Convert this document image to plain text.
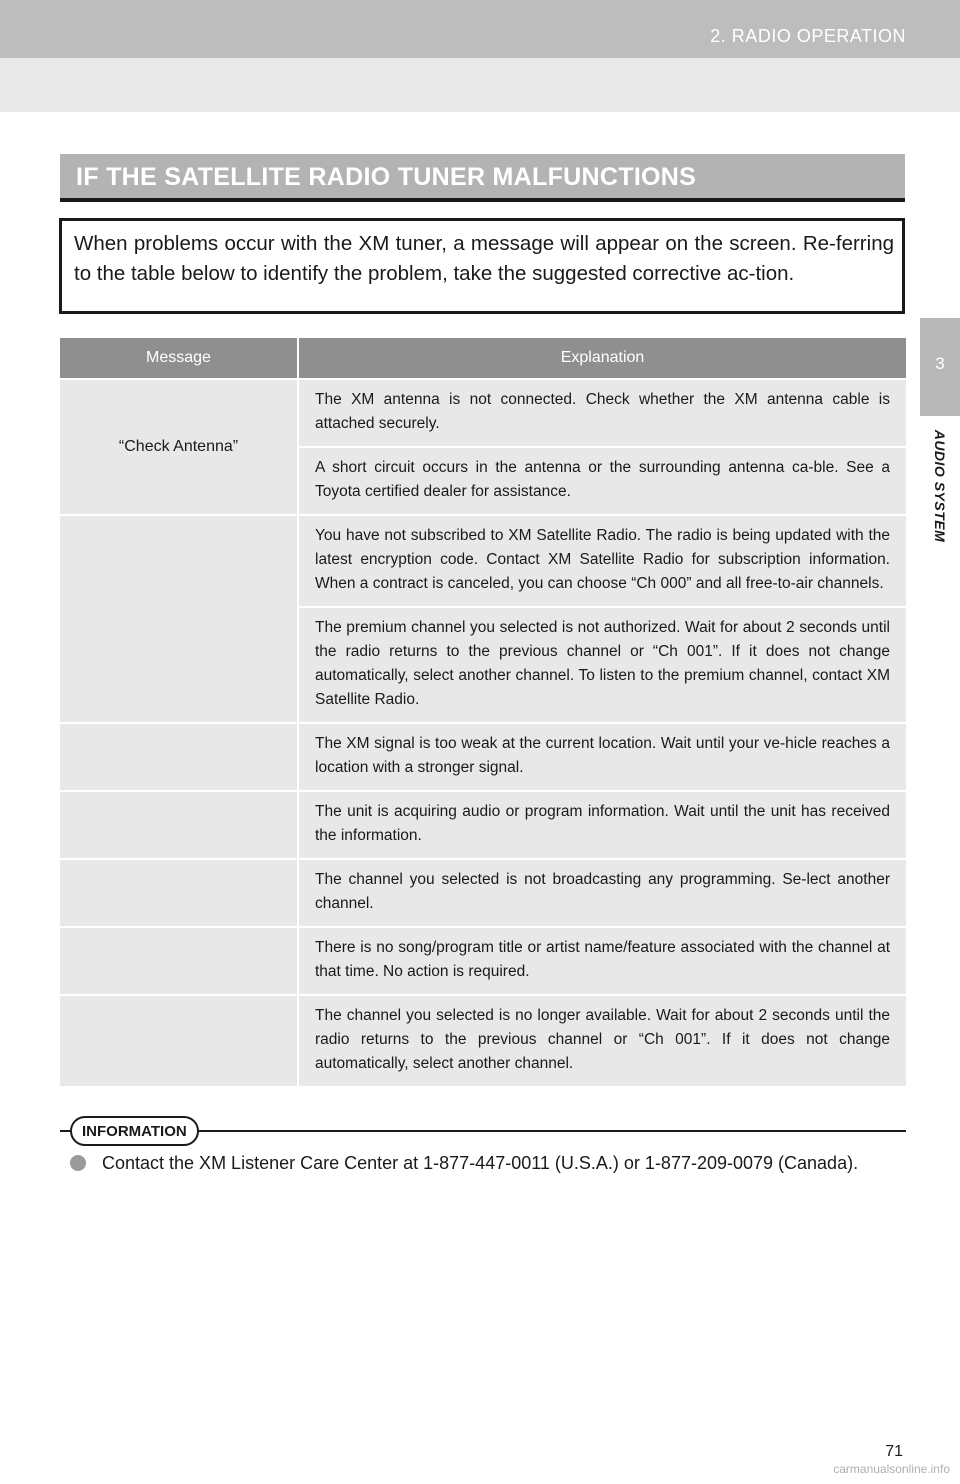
2. RADIO OPERATION
3
AUDIO SYSTEM
IF THE SATELLITE RADIO TUNER MALFUNCTIONS

When problems occur with the XM tuner, a message will appear on the screen. Re-ferring to the table below to identify the problem, take the suggested corrective ac-tion.

Message	Explanation
“Check Antenna”
The XM antenna is not connected. Check whether the XM antenna cable is attached securely.
A short circuit occurs in the antenna or the surrounding antenna ca-ble. See a Toyota certified dealer for assistance.
You have not subscribed to XM Satellite Radio. The radio is being updated with the latest encryption code. Contact XM Satellite Radio for subscription information. When a contract is canceled, you can choose “Ch 000” and all free-to-air channels.
The premium channel you selected is not authorized. Wait for about 2 seconds until the radio returns to the previous channel or “Ch 001”. If it does not change automatically, select another channel. To listen to the premium channel, contact XM Satellite Radio.
The XM signal is too weak at the current location. Wait until your ve-hicle reaches a location with a stronger signal.
The unit is acquiring audio or program information. Wait until the unit has received the information.
The channel you selected is not broadcasting any programming. Se-lect another channel.
There is no song/program title or artist name/feature associated with the channel at that time. No action is required.
The channel you selected is no longer available. Wait for about 2 seconds until the radio returns to the previous channel or “Ch 001”. If it does not change automatically, select another channel.
INFORMATION

Contact the XM Listener Care Center at 1-877-447-0011 (U.S.A.) or 1-877-209-0079 (Canada).

71
carmanualsonline.info
